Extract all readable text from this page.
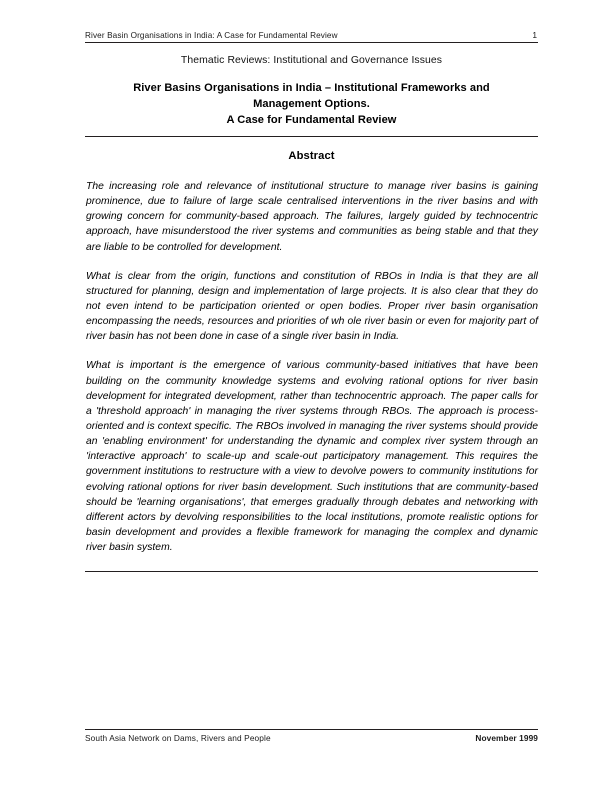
River Basin Organisations in India: A Case for Fundamental Review	1
Thematic Reviews: Institutional and Governance Issues
River Basins Organisations in India – Institutional Frameworks and
Management Options.
A Case for Fundamental Review
Abstract

The increasing role and relevance of institutional structure to manage river basins is gaining prominence, due to failure of large scale centralised interventions in the river basins and with growing concern for community-based approach. The failures, largely guided by technocentric approach, have misunderstood the river systems and communities as being stable and that they are liable to be controlled for development.

What is clear from the origin, functions and constitution of RBOs in India is that they are all structured for planning, design and implementation of large projects. It is also clear that they do not even intend to be participation oriented or open bodies. Proper river basin organisation encompassing the needs, resources and priorities of wh ole river basin or even for majority part of river basin has not been done in case of a single river basin in India.

What is important is the emergence of various community-based initiatives that have been building on the community knowledge systems and evolving rational options for river basin development for integrated development, rather than technocentric approach. The paper calls for a 'threshold approach' in managing the river systems through RBOs. The approach is process-oriented and is context specific. The RBOs involved in managing the river systems should provide an 'enabling environment' for understanding the dynamic and complex river system through an 'interactive approach' to scale-up and scale-out participatory management. This requires the government institutions to restructure with a view to devolve powers to community institutions for evolving rational options for river basin development. Such institutions that are community-based should be 'learning organisations', that emerges gradually through debates and networking with different actors by devolving responsibilities to the local institutions, promote realistic options for basin development and provides a flexible framework for managing the complex and dynamic river basin system.

South Asia Network on Dams, Rivers and People	November 1999
